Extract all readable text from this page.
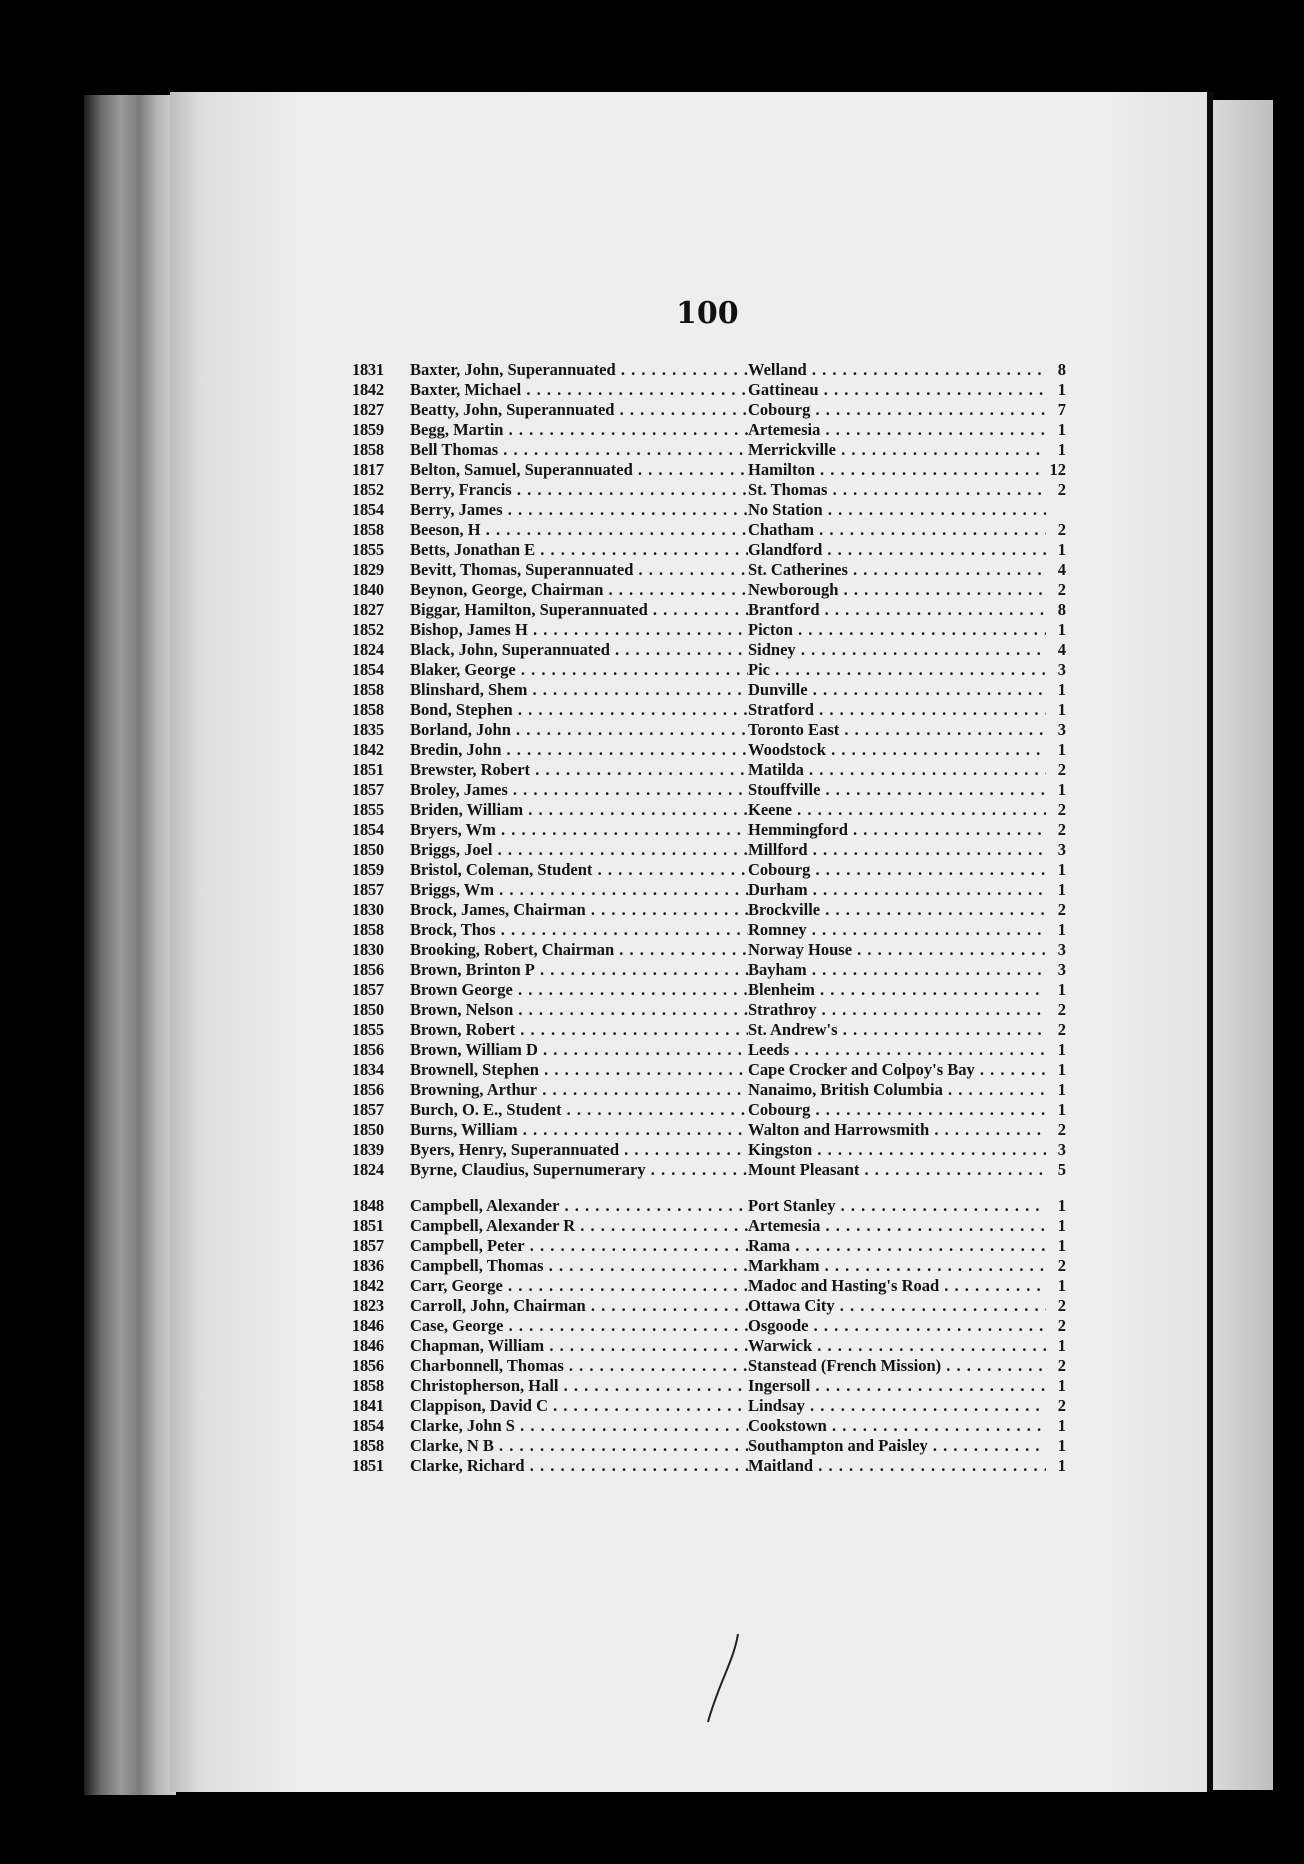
100
1831	Baxter, John, Superannuated . . .	Welland . . .	8
1842	Baxter, Michael . . .	Gattineau . . .	1
1827	Beatty, John, Superannuated . . .	Cobourg . . .	7
1859	Begg, Martin . . .	Artemesia . . .	1
1858	Bell Thomas . . .	Merrickville . . .	1
1817	Belton, Samuel, Superannuated . . .	Hamilton . . .	12
1852	Berry, Francis . . .	St. Thomas . . .	2
1854	Berry, James . . .	No Station . . .
1858	Beeson, H . . .	Chatham . . .	2
1855	Betts, Jonathan E . . .	Glandford . . .	1
1829	Bevitt, Thomas, Superannuated . . .	St. Catherines . . .	4
1840	Beynon, George, Chairman . . .	Newborough . . .	2
1827	Biggar, Hamilton, Superannuated . . .	Brantford . . .	8
1852	Bishop, James H . . .	Picton . . .	1
1824	Black, John, Superannuated . . .	Sidney . . .	4
1854	Blaker, George . . .	Pic . . .	3
1858	Blinshard, Shem . . .	Dunville . . .	1
1858	Bond, Stephen . . .	Stratford . . .	1
1835	Borland, John . . .	Toronto East . . .	3
1842	Bredin, John . . .	Woodstock . . .	1
1851	Brewster, Robert . . .	Matilda . . .	2
1857	Broley, James . . .	Stouffville . . .	1
1855	Briden, William . . .	Keene . . .	2
1854	Bryers, Wm . . .	Hemmingford . . .	2
1850	Briggs, Joel . . .	Millford . . .	3
1859	Bristol, Coleman, Student . . .	Cobourg . . .	1
1857	Briggs, Wm . . .	Durham . . .	1
1830	Brock, James, Chairman . . .	Brockville . . .	2
1858	Brock, Thos . . .	Romney . . .	1
1830	Brooking, Robert, Chairman . . .	Norway House . . .	3
1856	Brown, Brinton P . . .	Bayham . . .	3
1857	Brown George . . .	Blenheim . . .	1
1850	Brown, Nelson . . .	Strathroy . . .	2
1855	Brown, Robert . . .	St. Andrew's . . .	2
1856	Brown, William D . . .	Leeds . . .	1
1834	Brownell, Stephen . . .	Cape Crocker and Colpoy's Bay . . .	1
1856	Browning, Arthur . . .	Nanaimo, British Columbia . . .	1
1857	Burch, O. E., Student . . .	Cobourg . . .	1
1850	Burns, William . . .	Walton and Harrowsmith . . .	2
1839	Byers, Henry, Superannuated . . .	Kingston . . .	3
1824	Byrne, Claudius, Supernumerary . . .	Mount Pleasant . . .	5
1848	Campbell, Alexander . . .	Port Stanley . . .	1
1851	Campbell, Alexander R . . .	Artemesia . . .	1
1857	Campbell, Peter . . .	Rama . . .	1
1836	Campbell, Thomas . . .	Markham . . .	2
1842	Carr, George . . .	Madoc and Hasting's Road . . .	1
1823	Carroll, John, Chairman . . .	Ottawa City . . .	2
1846	Case, George . . .	Osgoode . . .	2
1846	Chapman, William . . .	Warwick . . .	1
1856	Charbonnell, Thomas . . .	Stanstead (French Mission) . . .	2
1858	Christopherson, Hall . . .	Ingersoll . . .	1
1841	Clappison, David C . . .	Lindsay . . .	2
1854	Clarke, John S . . .	Cookstown . . .	1
1858	Clarke, N B . . .	Southampton and Paisley . . .	1
1851	Clarke, Richard . . .	Maitland . . .	1
